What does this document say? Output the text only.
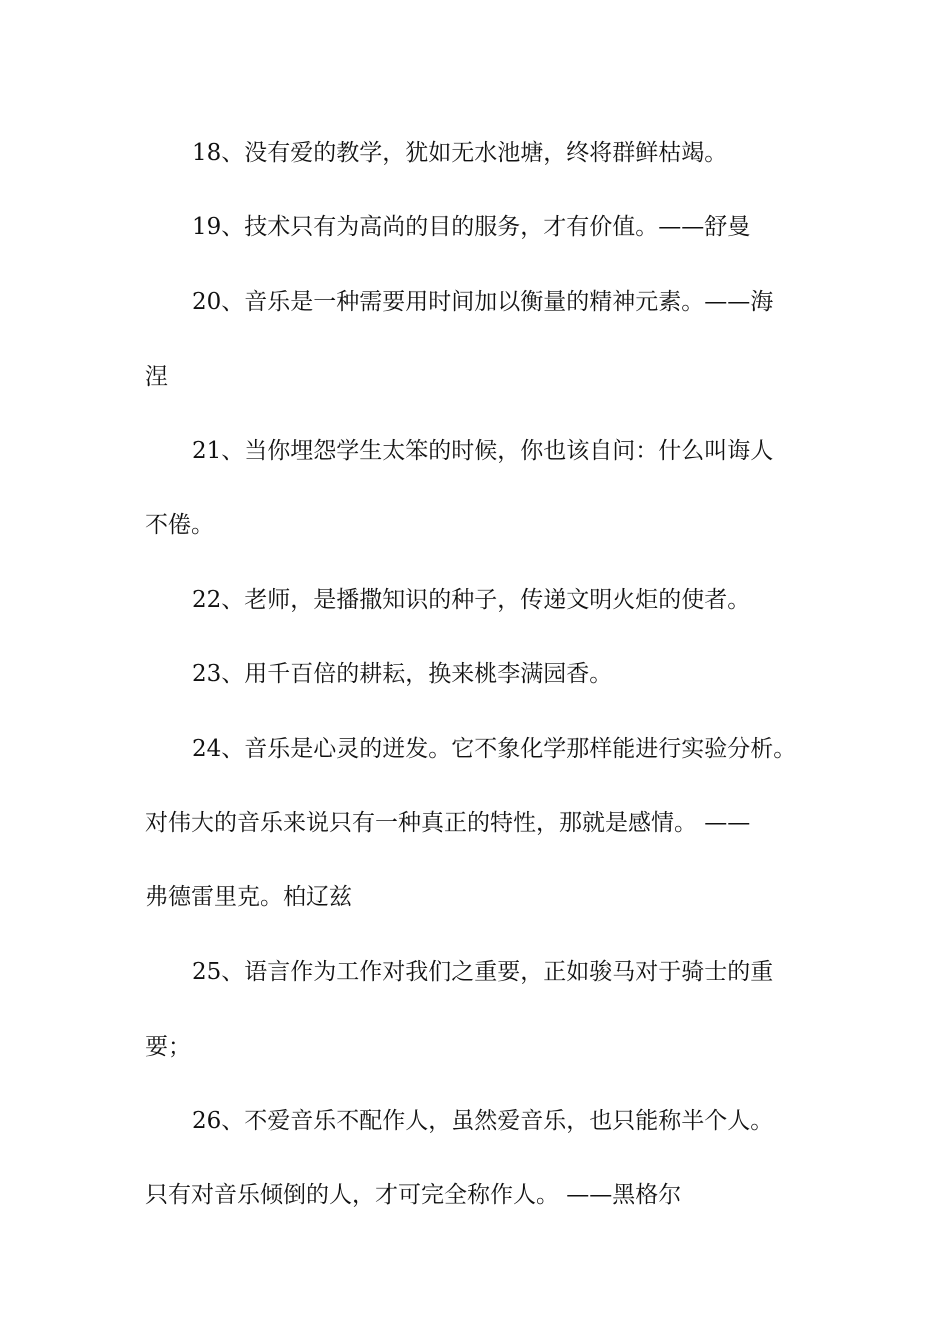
18、没有爱的教学，犹如无水池塘，终将群鲜枯竭。
19、技术只有为高尚的目的服务，才有价值。——舒曼
20、音乐是一种需要用时间加以衡量的精神元素。——海
涅
21、当你埋怨学生太笨的时候，你也该自问：什么叫诲人
不倦。
22、老师，是播撒知识的种子，传递文明火炬的使者。
23、用千百倍的耕耘，换来桃李满园香。
24、音乐是心灵的迸发。它不象化学那样能进行实验分析。
对伟大的音乐来说只有一种真正的特性，那就是感情。 ——
弗德雷里克。柏辽兹
25、语言作为工作对我们之重要，正如骏马对于骑士的重
要；
26、不爱音乐不配作人，虽然爱音乐，也只能称半个人。
只有对音乐倾倒的人，才可完全称作人。 ——黑格尔
